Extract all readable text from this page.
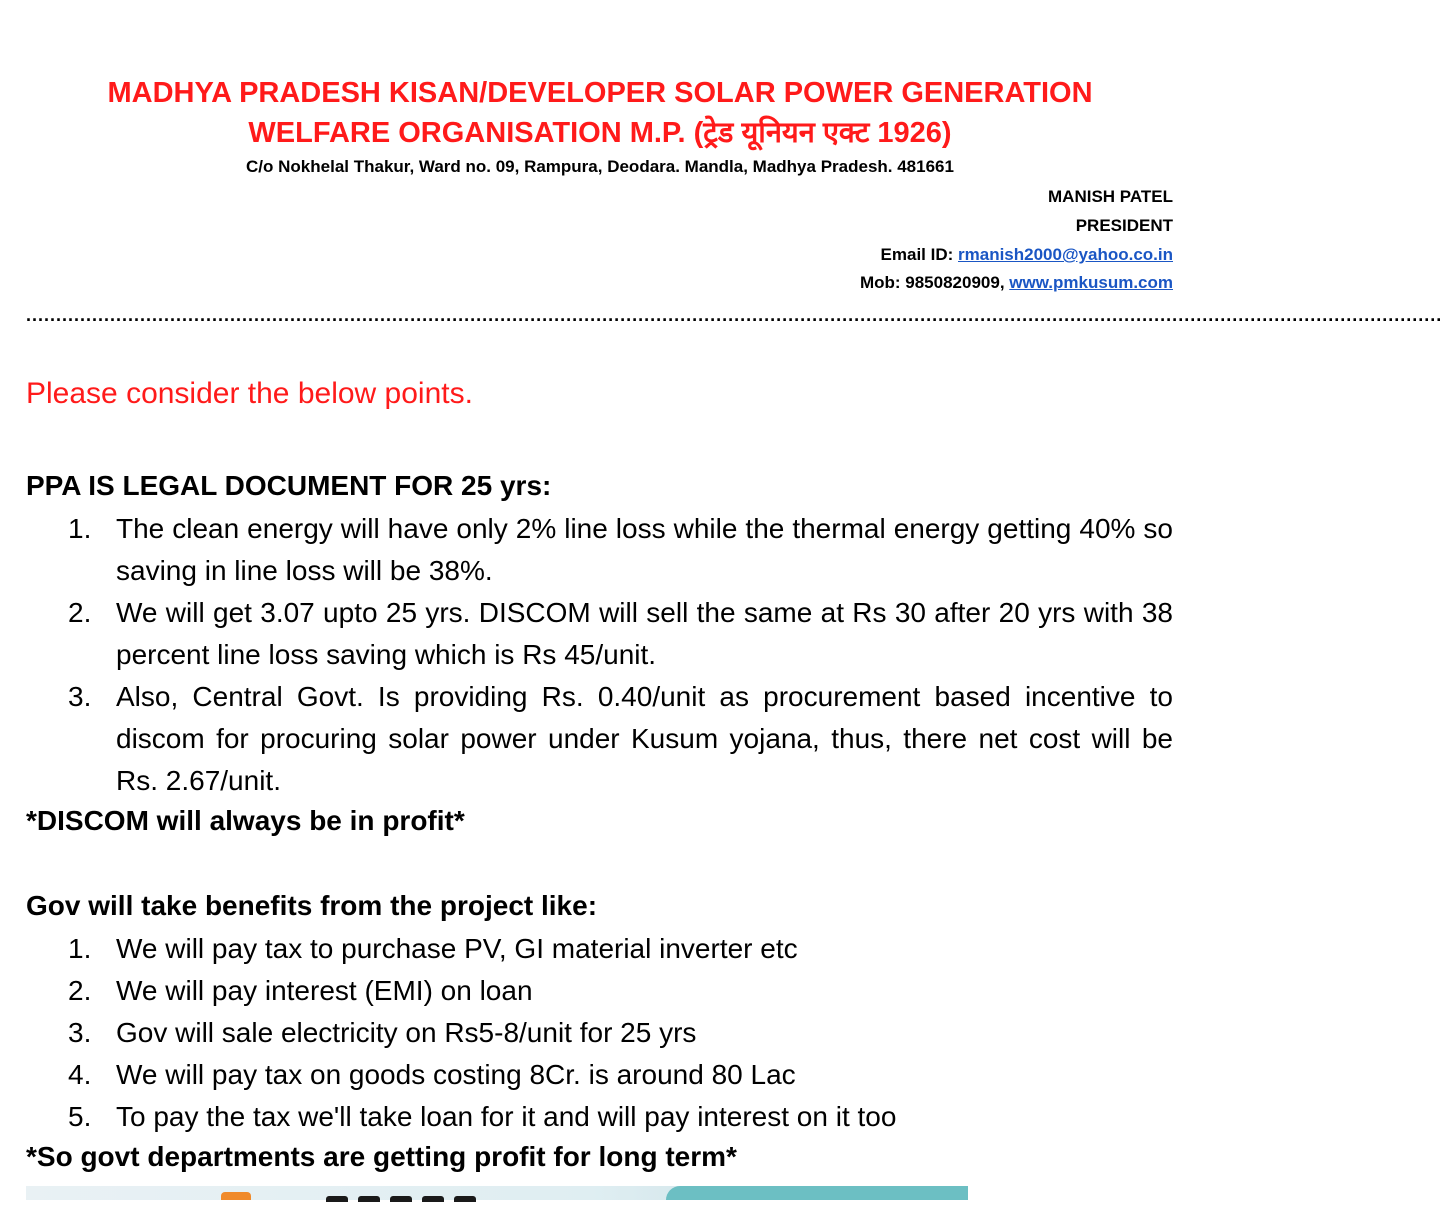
MADHYA PRADESH KISAN/DEVELOPER SOLAR POWER GENERATION
WELFARE ORGANISATION M.P. (ट्रेड यूनियन एक्ट 1926)
C/o Nokhelal Thakur, Ward no. 09, Rampura, Deodara. Mandla, Madhya Pradesh. 481661
MANISH PATEL
PRESIDENT
Email ID: rmanish2000@yahoo.co.in
Mob: 9850820909, www.pmkusum.com
............................................................................................................................................................................................................................................
Please consider the below points.
PPA IS LEGAL DOCUMENT FOR 25 yrs:
1. The clean energy will have only 2% line loss while the thermal energy getting 40% so saving in line loss will be 38%.
2. We will get 3.07 upto 25 yrs. DISCOM will sell the same at Rs 30 after 20 yrs with 38 percent line loss saving which is Rs 45/unit.
3. Also, Central Govt. Is providing Rs. 0.40/unit as procurement based incentive to discom for procuring solar power under Kusum yojana, thus, there net cost will be Rs. 2.67/unit.
*DISCOM will always be in profit*
Gov will take benefits from the project like:
1. We will pay tax to purchase PV, GI material inverter etc
2. We will pay interest (EMI) on loan
3. Gov will sale electricity on Rs5-8/unit for 25 yrs
4. We will pay tax on goods costing 8Cr. is around 80 Lac
5. To pay the tax we'll take loan for it and will pay interest on it too
*So govt departments are getting profit for long term*
